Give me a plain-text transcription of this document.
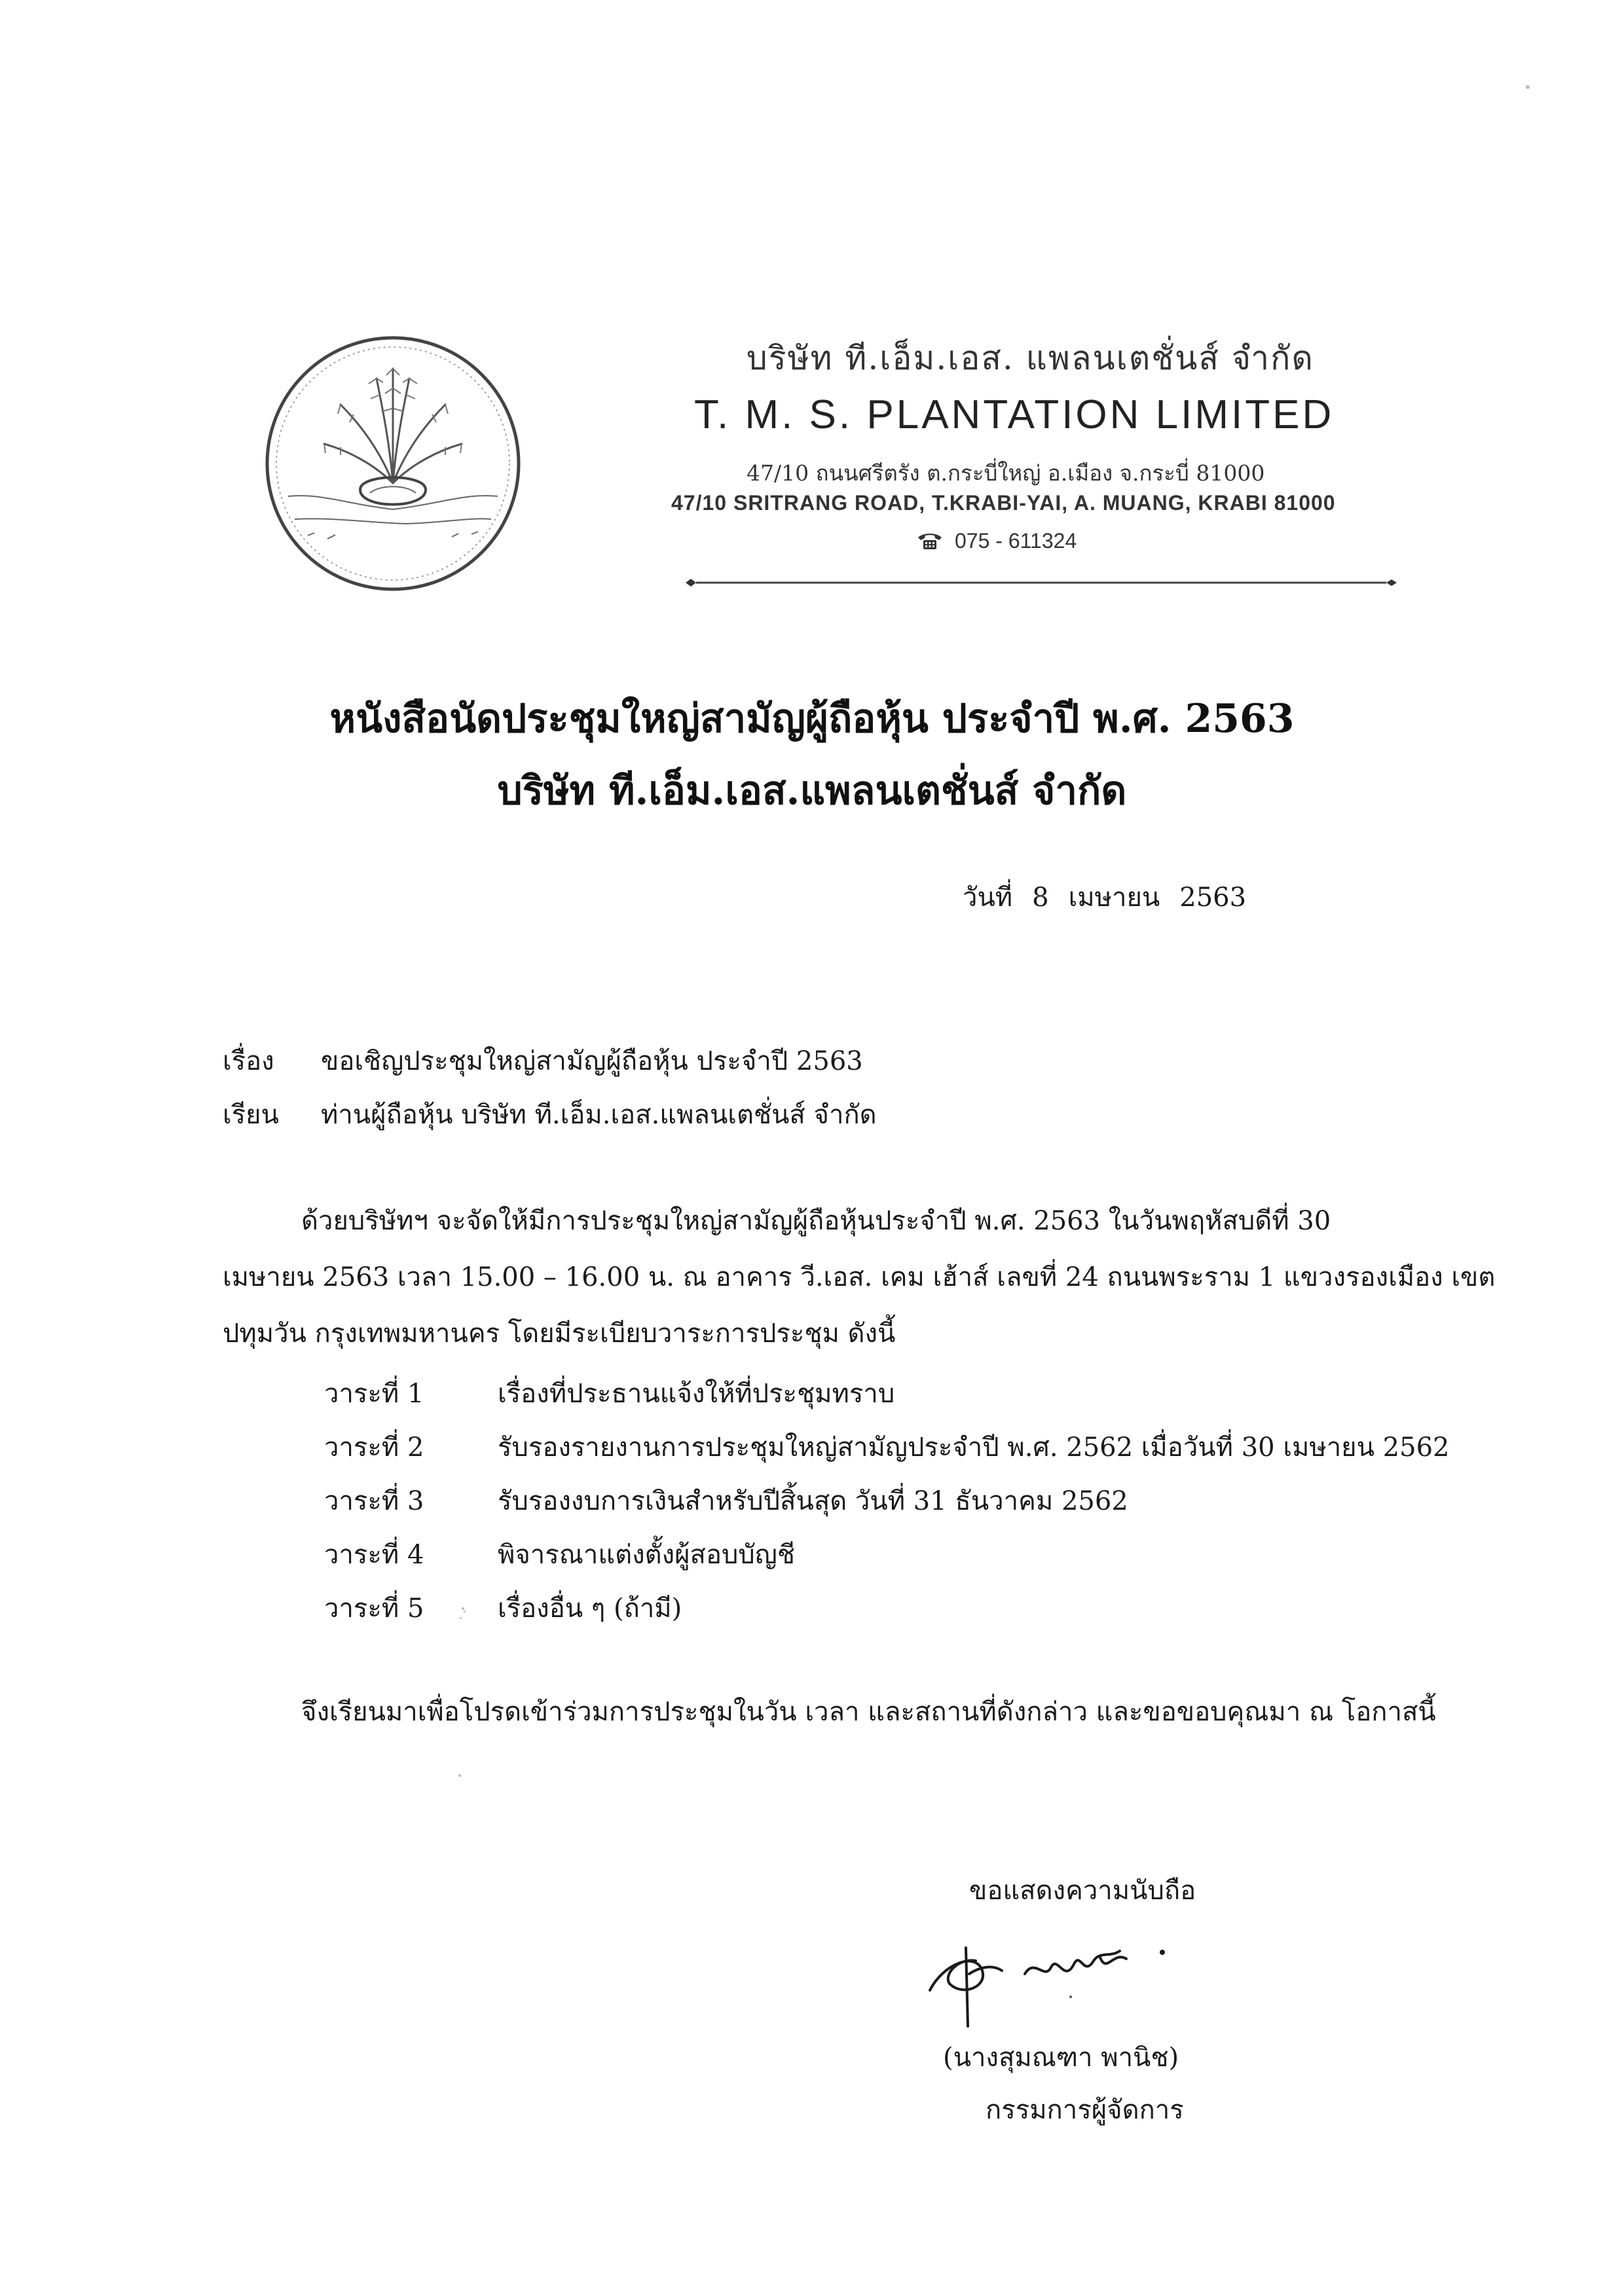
บริษัท ที.เอ็ม.เอส. แพลนเตชั่นส์ จำกัด
T. M. S. PLANTATION LIMITED
47/10 ถนนศรีตรัง ต.กระบี่ใหญ่ อ.เมือง จ.กระบี่ 81000
47/10 SRITRANG ROAD, T.KRABI-YAI, A. MUANG, KRABI 81000
075 - 611324
หนังสือนัดประชุมใหญ่สามัญผู้ถือหุ้น ประจำปี พ.ศ. 2563
บริษัท ที.เอ็ม.เอส.แพลนเตชั่นส์ จำกัด
วันที่ 8 เมษายน 2563
เรื่อง ขอเชิญประชุมใหญ่สามัญผู้ถือหุ้น ประจำปี 2563
เรียน ท่านผู้ถือหุ้น บริษัท ที.เอ็ม.เอส.แพลนเตชั่นส์ จำกัด

ด้วยบริษัทฯ จะจัดให้มีการประชุมใหญ่สามัญผู้ถือหุ้นประจำปี พ.ศ. 2563 ในวันพฤหัสบดีที่ 30

เมษายน 2563 เวลา 15.00 – 16.00 น. ณ อาคาร วี.เอส. เคม เฮ้าส์ เลขที่ 24 ถนนพระราม 1 แขวงรองเมือง เขต

ปทุมวัน กรุงเทพมหานคร โดยมีระเบียบวาระการประชุม ดังนี้

วาระที่ 1	เรื่องที่ประธานแจ้งให้ที่ประชุมทราบ
วาระที่ 2	รับรองรายงานการประชุมใหญ่สามัญประจำปี พ.ศ. 2562 เมื่อวันที่ 30 เมษายน 2562
วาระที่ 3	รับรองงบการเงินสำหรับปีสิ้นสุด วันที่ 31 ธันวาคม 2562
วาระที่ 4	พิจารณาแต่งตั้งผู้สอบบัญชี
วาระที่ 5	เรื่องอื่น ๆ (ถ้ามี)
จึงเรียนมาเพื่อโปรดเข้าร่วมการประชุมในวัน เวลา และสถานที่ดังกล่าว และขอขอบคุณมา ณ โอกาสนี้
ขอแสดงความนับถือ
(นางสุมณฑา พานิช)
กรรมการผู้จัดการ
